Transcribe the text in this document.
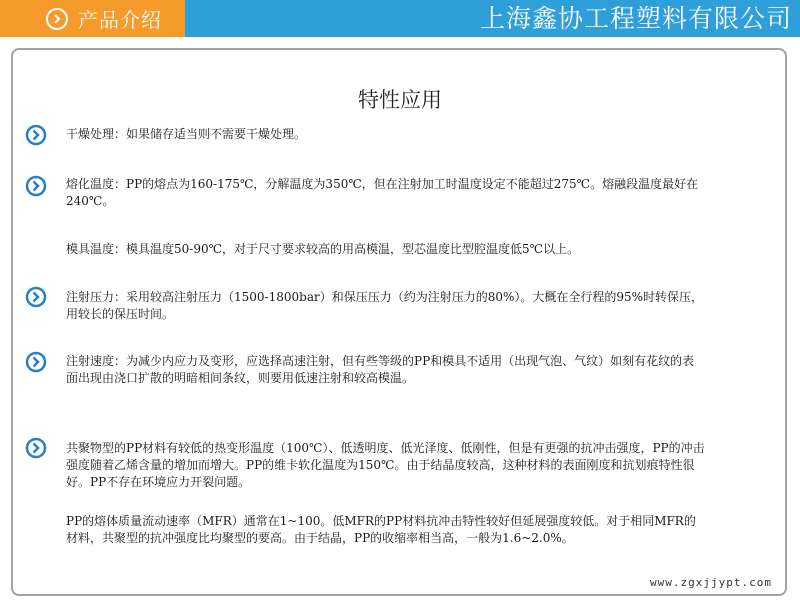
产品介绍	上海鑫协工程塑料有限公司
特性应用
干燥处理：如果储存适当则不需要干燥处理。
熔化温度：PP的熔点为160-175℃，分解温度为350℃，但在注射加工时温度设定不能超过275℃。熔融段温度最好在240℃。
模具温度：模具温度50-90℃，对于尺寸要求较高的用高模温，型芯温度比型腔温度低5℃以上。
注射压力：采用较高注射压力（1500-1800bar）和保压压力（约为注射压力的80%）。大概在全行程的95%时转保压，用较长的保压时间。
注射速度：为减少内应力及变形，应选择高速注射，但有些等级的PP和模具不适用（出现气泡、气纹）如刻有花纹的表面出现由浇口扩散的明暗相间条纹，则要用低速注射和较高模温。
共聚物型的PP材料有较低的热变形温度（100℃）、低透明度、低光泽度、低刚性，但是有更强的抗冲击强度，PP的冲击强度随着乙烯含量的增加而增大。PP的维卡软化温度为150℃。由于结晶度较高，这种材料的表面刚度和抗划痕特性很好。PP不存在环境应力开裂问题。
PP的熔体质量流动速率（MFR）通常在1~100。低MFR的PP材料抗冲击特性较好但延展强度较低。对于相同MFR的材料，共聚型的抗冲强度比均聚型的要高。由于结晶，PP的收缩率相当高，一般为1.6~2.0%。
www.zgxjjypt.com
